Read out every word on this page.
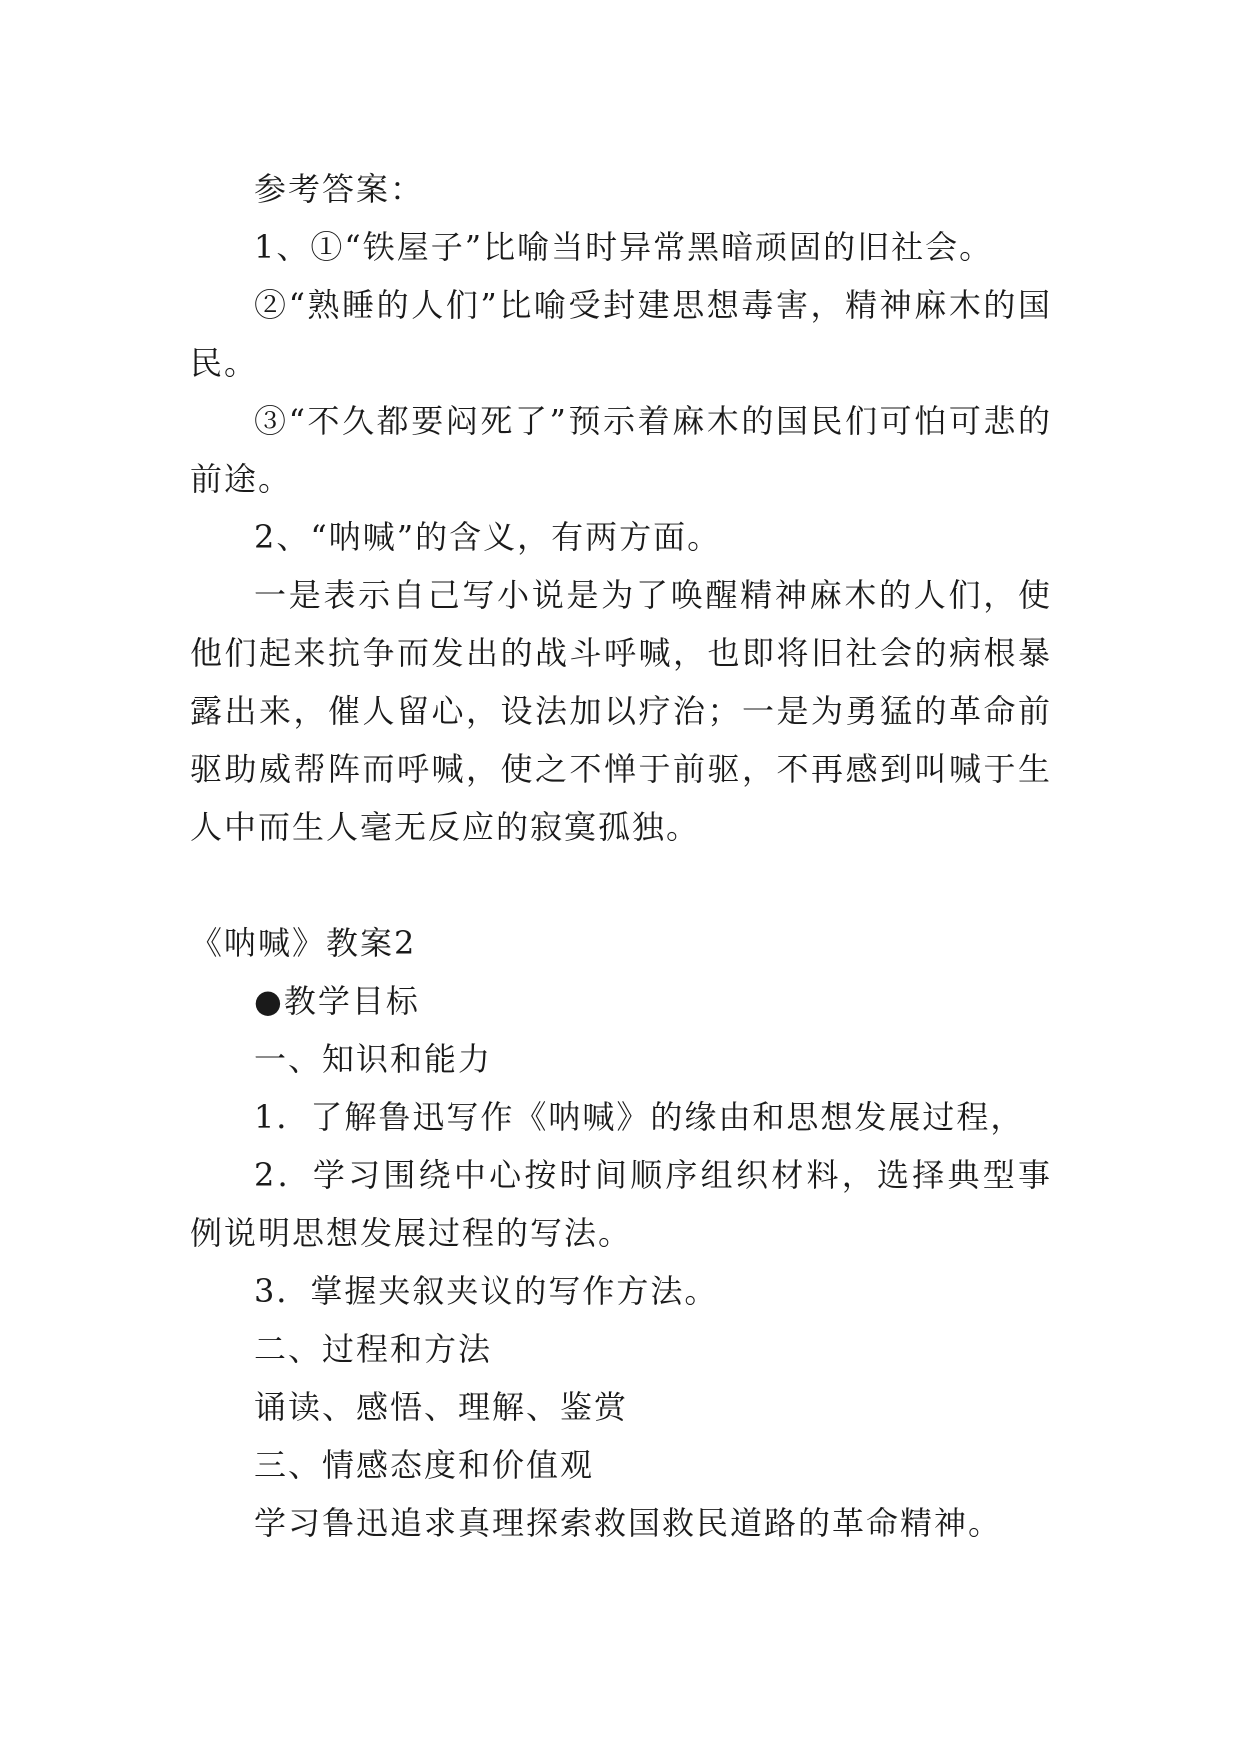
参考答案：

1、①“铁屋子”比喻当时异常黑暗顽固的旧社会。

②“熟睡的人们”比喻受封建思想毒害，精神麻木的国民。

③“不久都要闷死了”预示着麻木的国民们可怕可悲的前途。

2、“呐喊”的含义，有两方面。

一是表示自己写小说是为了唤醒精神麻木的人们，使他们起来抗争而发出的战斗呼喊，也即将旧社会的病根暴露出来，催人留心，设法加以疗治；一是为勇猛的革命前驱助威帮阵而呼喊，使之不惮于前驱，不再感到叫喊于生人中而生人毫无反应的寂寞孤独。

《呐喊》教案2

●教学目标

一、知识和能力

1．了解鲁迅写作《呐喊》的缘由和思想发展过程，

2．学习围绕中心按时间顺序组织材料，选择典型事例说明思想发展过程的写法。

3．掌握夹叙夹议的写作方法。

二、过程和方法

诵读、感悟、理解、鉴赏

三、情感态度和价值观

学习鲁迅追求真理探索救国救民道路的革命精神。
